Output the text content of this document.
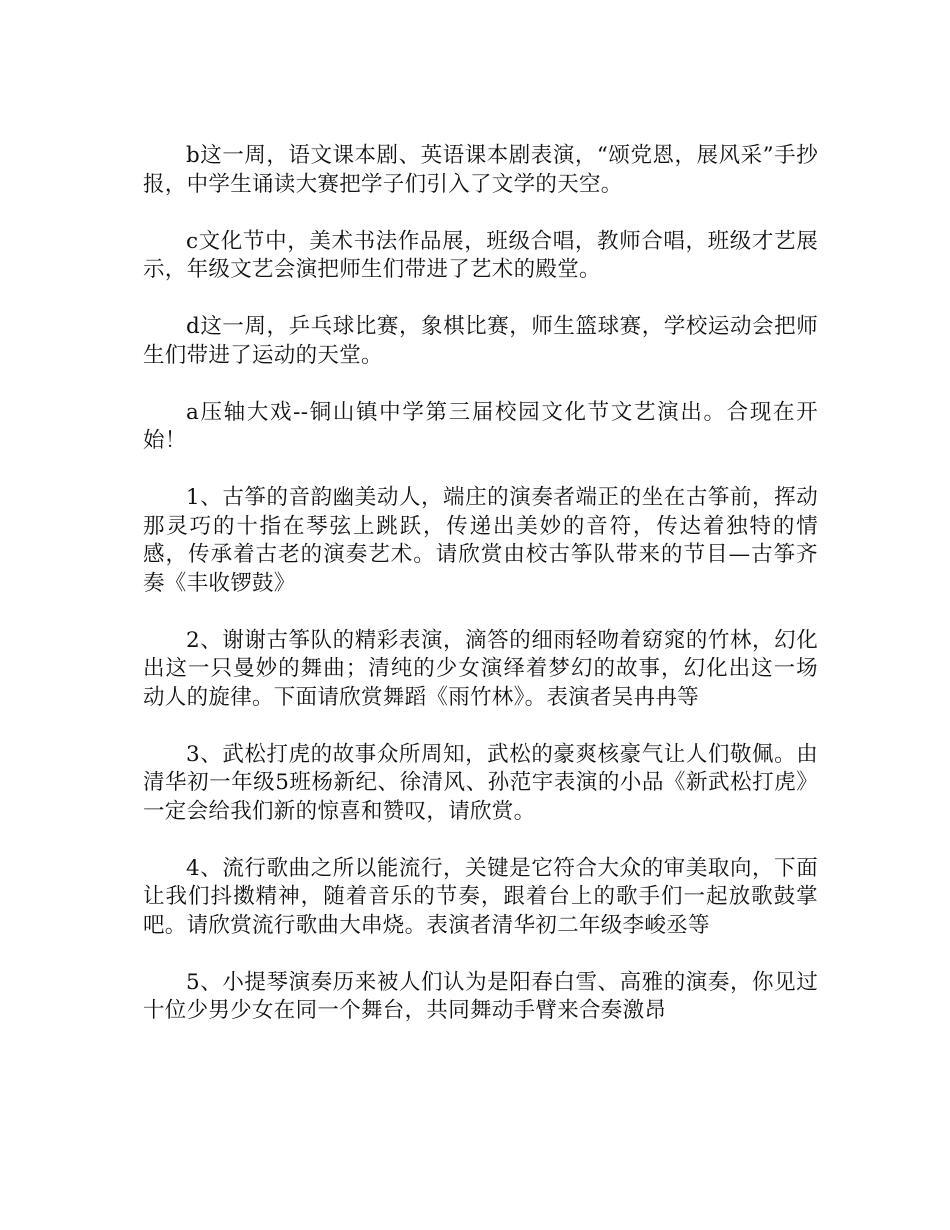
b这一周，语文课本剧、英语课本剧表演，“颂党恩，展风采”手抄报，中学生诵读大赛把学子们引入了文学的天空。

c文化节中，美术书法作品展，班级合唱，教师合唱，班级才艺展示，年级文艺会演把师生们带进了艺术的殿堂。

d这一周，乒乓球比赛，象棋比赛，师生篮球赛，学校运动会把师生们带进了运动的天堂。

a压轴大戏--铜山镇中学第三届校园文化节文艺演出。合现在开始！

1、古筝的音韵幽美动人，端庄的演奏者端正的坐在古筝前，挥动那灵巧的十指在琴弦上跳跃，传递出美妙的音符，传达着独特的情感，传承着古老的演奏艺术。请欣赏由校古筝队带来的节目—古筝齐奏《丰收锣鼓》

2、谢谢古筝队的精彩表演，滴答的细雨轻吻着窈窕的竹林，幻化出这一只曼妙的舞曲；清纯的少女演绎着梦幻的故事，幻化出这一场动人的旋律。下面请欣赏舞蹈《雨竹林》。表演者吴冉冉等

3、武松打虎的故事众所周知，武松的豪爽核豪气让人们敬佩。由清华初一年级5班杨新纪、徐清风、孙范宇表演的小品《新武松打虎》一定会给我们新的惊喜和赞叹，请欣赏。

4、流行歌曲之所以能流行，关键是它符合大众的审美取向，下面让我们抖擞精神，随着音乐的节奏，跟着台上的歌手们一起放歌鼓掌吧。请欣赏流行歌曲大串烧。表演者清华初二年级李峻丞等

5、小提琴演奏历来被人们认为是阳春白雪、高雅的演奏，你见过十位少男少女在同一个舞台，共同舞动手臂来合奏激昂
